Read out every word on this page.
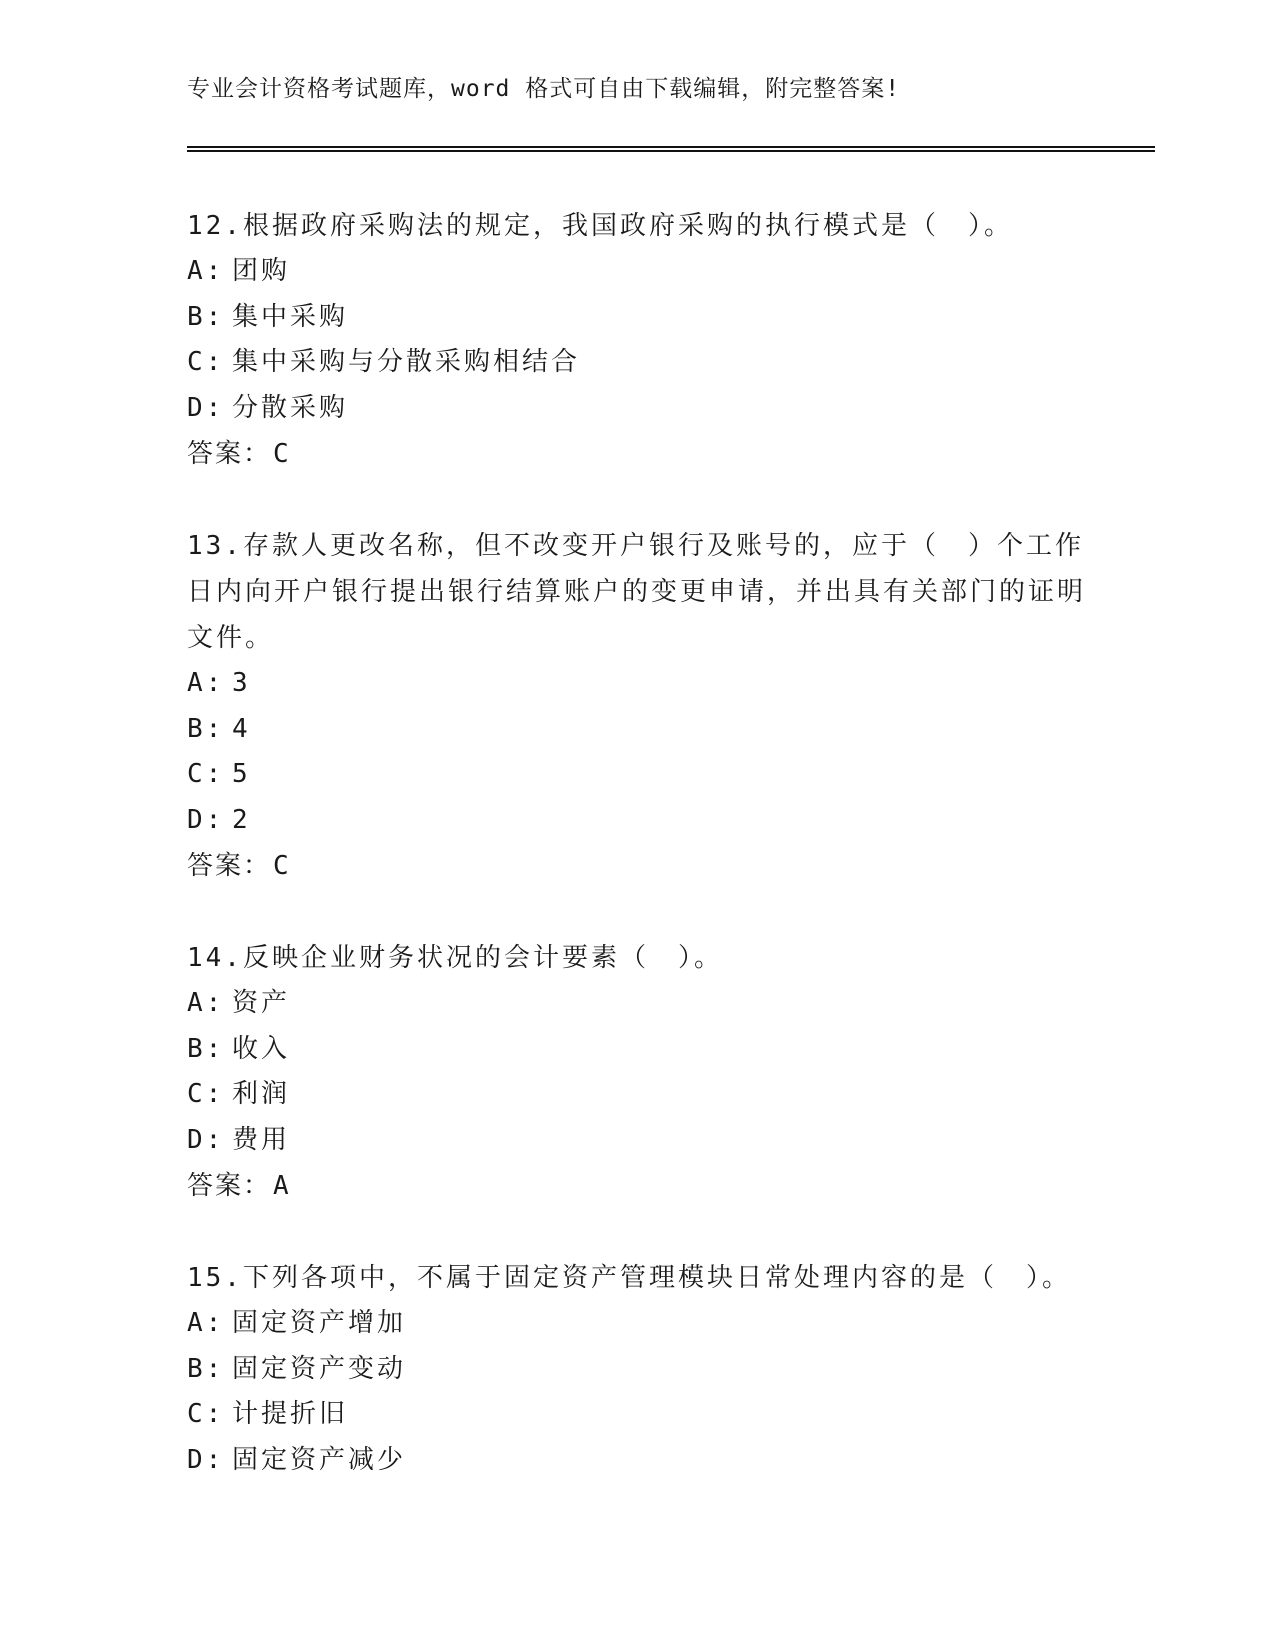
专业会计资格考试题库，word 格式可自由下载编辑，附完整答案!

12.根据政府采购法的规定，我国政府采购的执行模式是（　）。

A: 团购
B: 集中采购
C: 集中采购与分散采购相结合
D: 分散采购
答案： C

13.存款人更改名称，但不改变开户银行及账号的，应于（　）个工作日内向开户银行提出银行结算账户的变更申请，并出具有关部门的证明文件。

A: 3
B: 4
C: 5
D: 2
答案： C

14.反映企业财务状况的会计要素（　）。

A: 资产
B: 收入
C: 利润
D: 费用
答案： A

15.下列各项中，不属于固定资产管理模块日常处理内容的是（　）。

A: 固定资产增加
B: 固定资产变动
C: 计提折旧
D: 固定资产减少
